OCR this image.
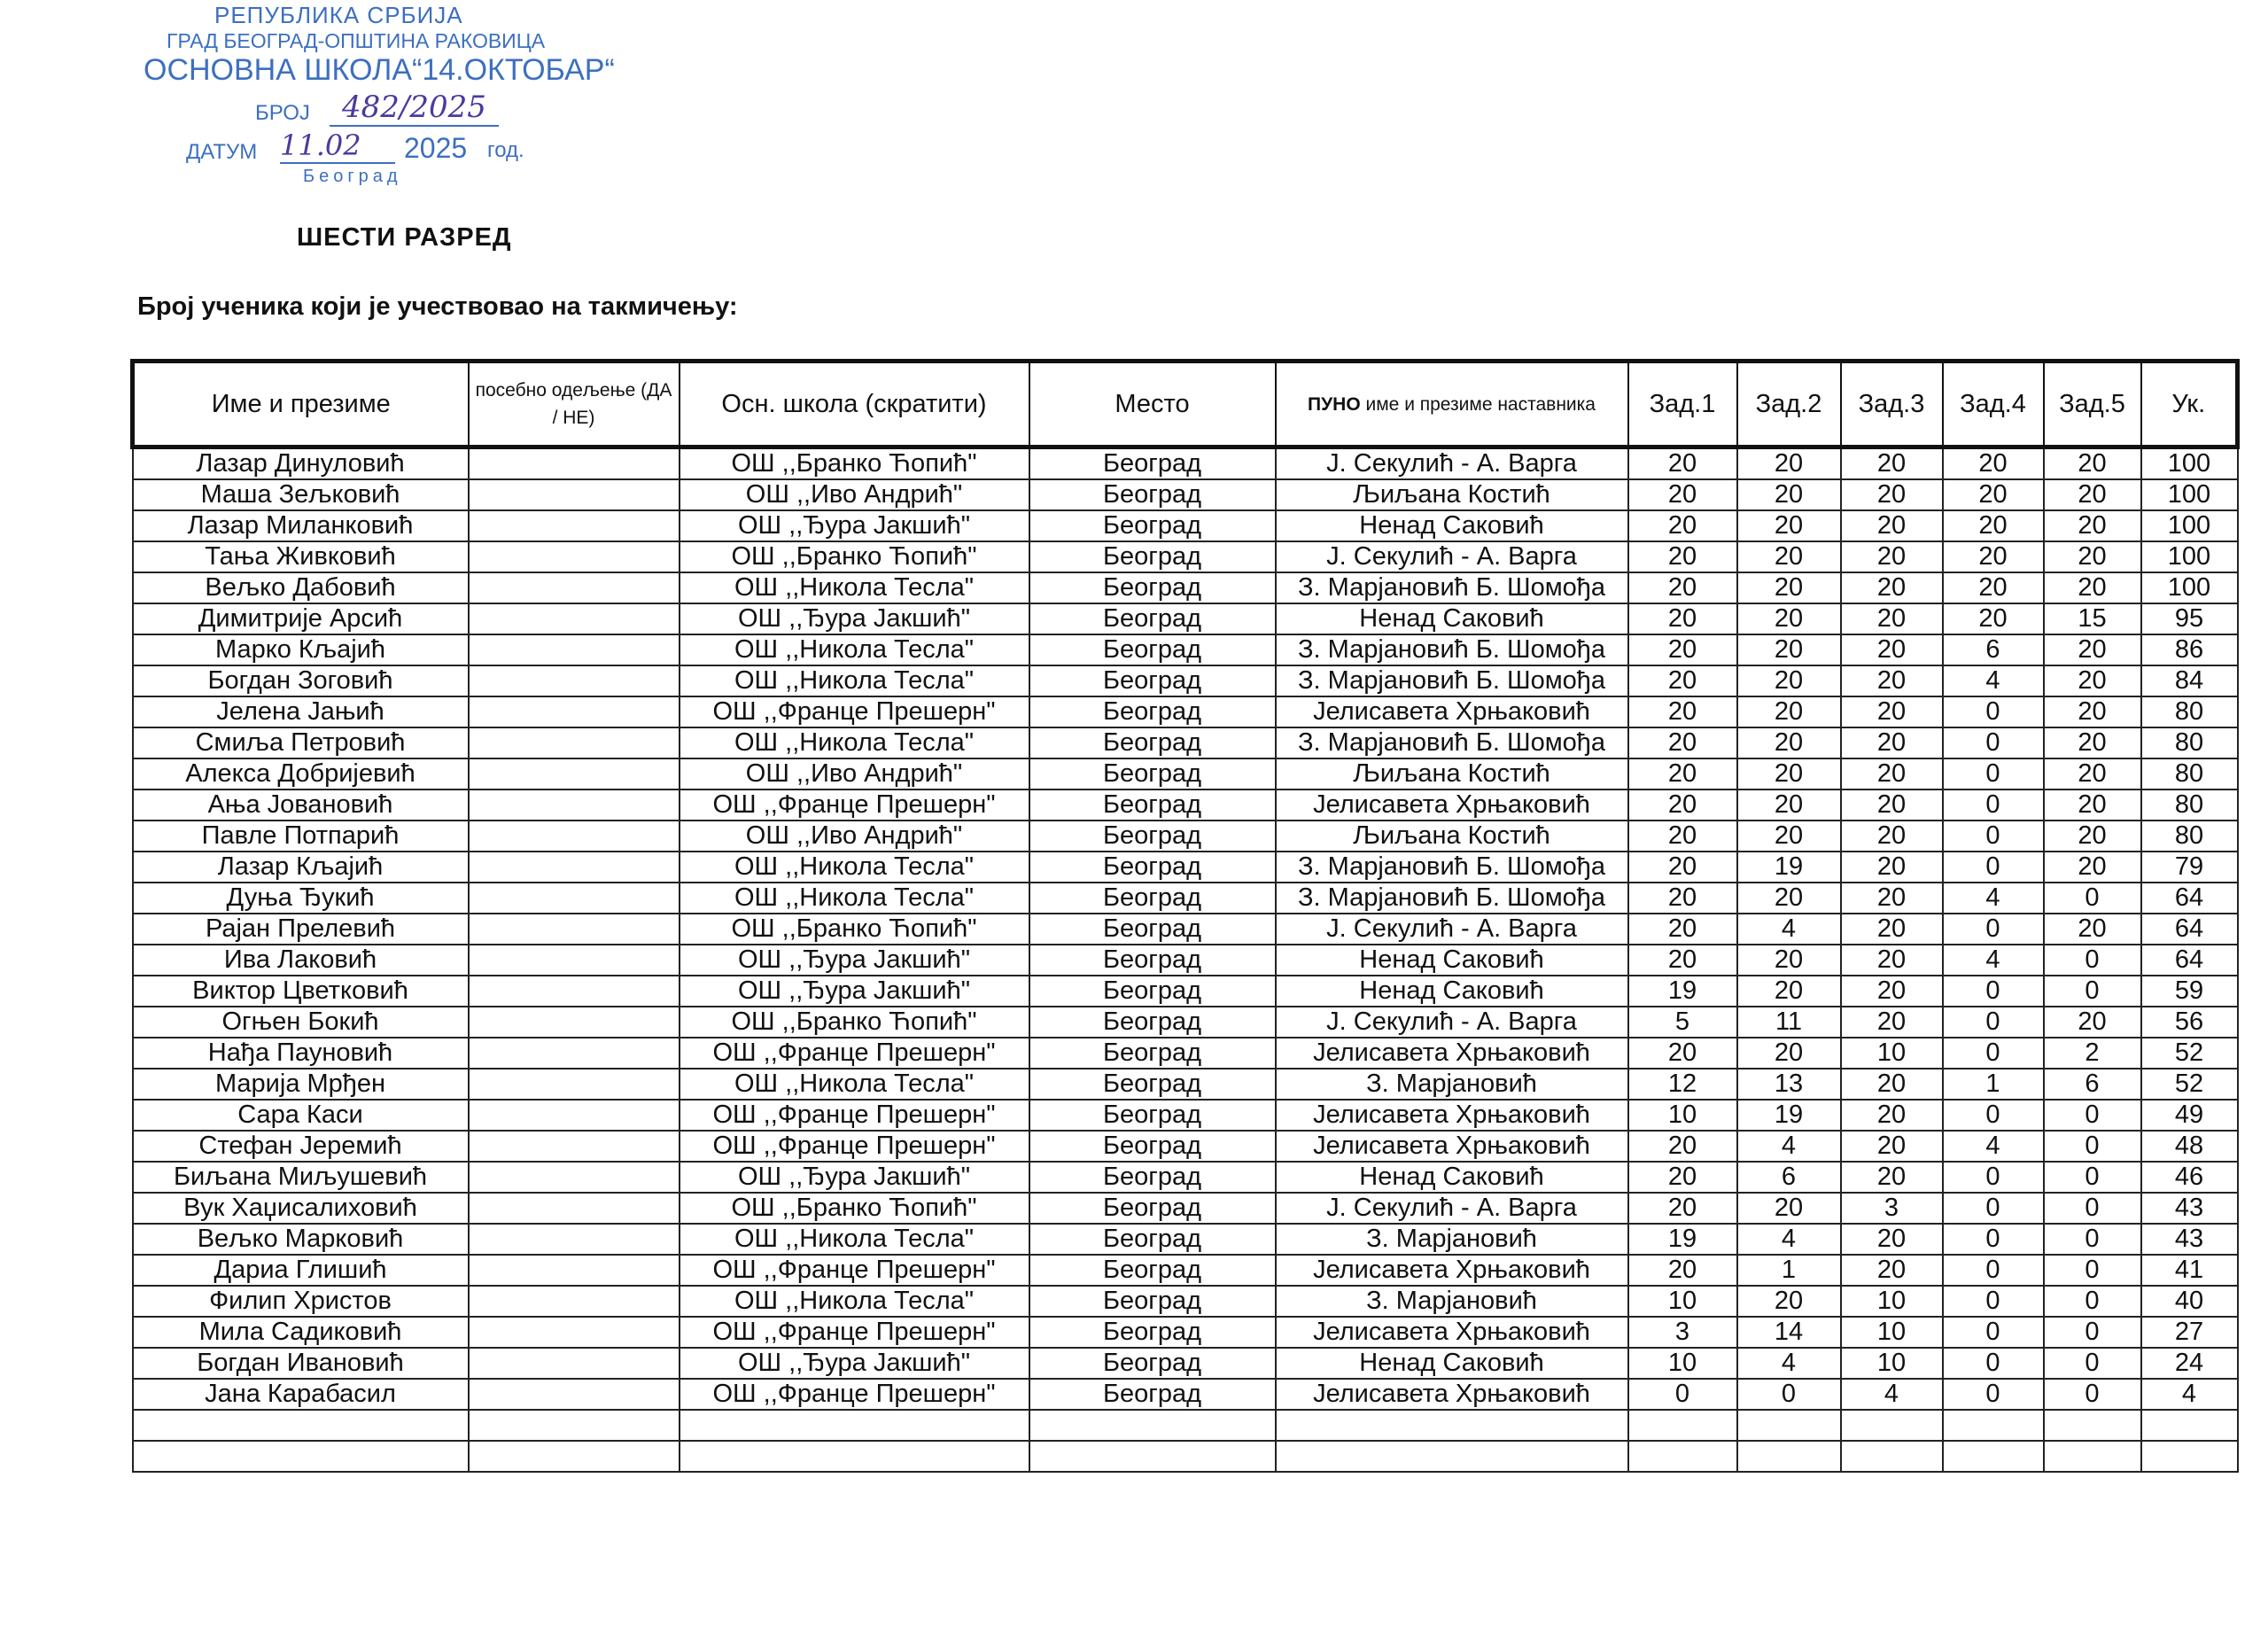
РЕПУБЛИКА СРБИЈА
ГРАД БЕОГРАД-ОПШТИНА РАКОВИЦА
ОСНОВНА ШКОЛА“14.ОКТОБАР“
БРОЈ	482/2025
ДАТУМ 11.02	2025 год.
Београд
ШЕСТИ РАЗРЕД
Број ученика који је учествовао на такмичењу:
Име и презиме	посебно одељење (ДА / НЕ)	Осн. школа (скратити)	Место	ПУНО име и презиме наставника	Зад.1	Зад.2	Зад.3	Зад.4	Зад.5	Ук.
Лазар Динуловић		ОШ ,,Бранко Ћопић"	Београд	Ј. Секулић - А. Варга	20	20	20	20	20	100
Маша Зељковић		ОШ ,,Иво Андрић"	Београд	Љиљана Костић	20	20	20	20	20	100
Лазар Миланковић		ОШ ,,Ђура Јакшић"	Београд	Ненад Саковић	20	20	20	20	20	100
Тања Живковић		ОШ ,,Бранко Ћопић"	Београд	Ј. Секулић - А. Варга	20	20	20	20	20	100
Вељко Дабовић		ОШ ,,Никола Тесла"	Београд	З. Марјановић Б. Шомођа	20	20	20	20	20	100
Димитрије Арсић		ОШ ,,Ђура Јакшић"	Београд	Ненад Саковић	20	20	20	20	15	95
Марко Кљајић		ОШ ,,Никола Тесла"	Београд	З. Марјановић Б. Шомођа	20	20	20	6	20	86
Богдан Зоговић		ОШ ,,Никола Тесла"	Београд	З. Марјановић Б. Шомођа	20	20	20	4	20	84
Јелена Јањић		ОШ ,,Франце Прешерн"	Београд	Јелисавета Хрњаковић	20	20	20	0	20	80
Смиља Петровић		ОШ ,,Никола Тесла"	Београд	З. Марјановић Б. Шомођа	20	20	20	0	20	80
Алекса Добријевић		ОШ ,,Иво Андрић"	Београд	Љиљана Костић	20	20	20	0	20	80
Ања Јовановић		ОШ ,,Франце Прешерн"	Београд	Јелисавета Хрњаковић	20	20	20	0	20	80
Павле Потпарић		ОШ ,,Иво Андрић"	Београд	Љиљана Костић	20	20	20	0	20	80
Лазар Кљајић		ОШ ,,Никола Тесла"	Београд	З. Марјановић Б. Шомођа	20	19	20	0	20	79
Дуња Ђукић		ОШ ,,Никола Тесла"	Београд	З. Марјановић Б. Шомођа	20	20	20	4	0	64
Рајан Прелевић		ОШ ,,Бранко Ћопић"	Београд	Ј. Секулић - А. Варга	20	4	20	0	20	64
Ива Лаковић		ОШ ,,Ђура Јакшић"	Београд	Ненад Саковић	20	20	20	4	0	64
Виктор Цветковић		ОШ ,,Ђура Јакшић"	Београд	Ненад Саковић	19	20	20	0	0	59
Огњен Бокић		ОШ ,,Бранко Ћопић"	Београд	Ј. Секулић - А. Варга	5	11	20	0	20	56
Нађа Пауновић		ОШ ,,Франце Прешерн"	Београд	Јелисавета Хрњаковић	20	20	10	0	2	52
Марија Мрђен		ОШ ,,Никола Тесла"	Београд	З. Марјановић	12	13	20	1	6	52
Сара Каси		ОШ ,,Франце Прешерн"	Београд	Јелисавета Хрњаковић	10	19	20	0	0	49
Стефан Јеремић		ОШ ,,Франце Прешерн"	Београд	Јелисавета Хрњаковић	20	4	20	4	0	48
Биљана Миљушевић		ОШ ,,Ђура Јакшић"	Београд	Ненад Саковић	20	6	20	0	0	46
Вук Хаџисалиховић		ОШ ,,Бранко Ћопић"	Београд	Ј. Секулић - А. Варга	20	20	3	0	0	43
Вељко Марковић		ОШ ,,Никола Тесла"	Београд	З. Марјановић	19	4	20	0	0	43
Дариа Глишић		ОШ ,,Франце Прешерн"	Београд	Јелисавета Хрњаковић	20	1	20	0	0	41
Филип Христов		ОШ ,,Никола Тесла"	Београд	З. Марјановић	10	20	10	0	0	40
Мила Садиковић		ОШ ,,Франце Прешерн"	Београд	Јелисавета Хрњаковић	3	14	10	0	0	27
Богдан Ивановић		ОШ ,,Ђура Јакшић"	Београд	Ненад Саковић	10	4	10	0	0	24
Јана Карабасил		ОШ ,,Франце Прешерн"	Београд	Јелисавета Хрњаковић	0	0	4	0	0	4
